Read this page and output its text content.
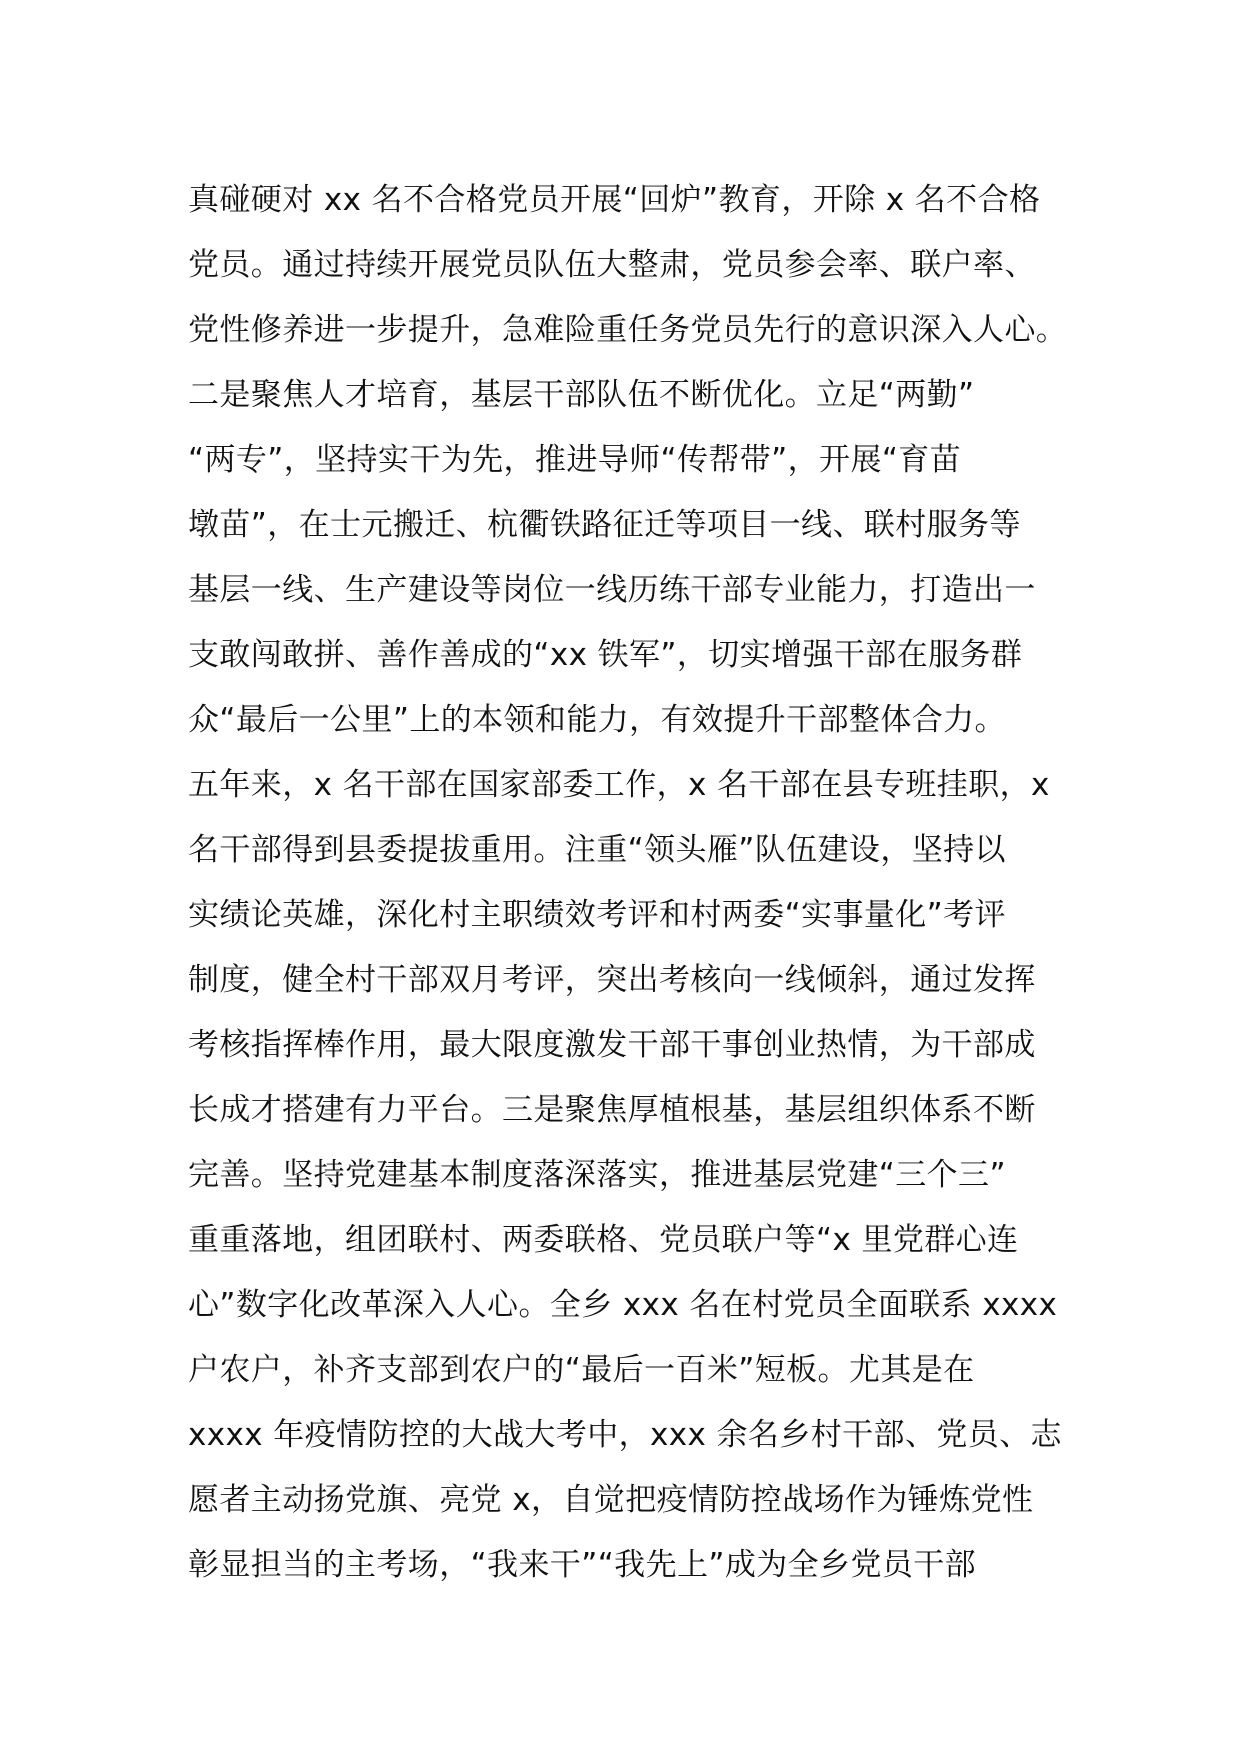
真碰硬对 xx 名不合格党员开展“回炉”教育，开除 x 名不合格
党员。通过持续开展党员队伍大整肃，党员参会率、联户率、
党性修养进一步提升，急难险重任务党员先行的意识深入人心。
二是聚焦人才培育，基层干部队伍不断优化。立足“两勤”
“两专”，坚持实干为先，推进导师“传帮带”，开展“育苗
墩苗”，在士元搬迁、杭衢铁路征迁等项目一线、联村服务等
基层一线、生产建设等岗位一线历练干部专业能力，打造出一
支敢闯敢拼、善作善成的“xx 铁军”，切实增强干部在服务群
众“最后一公里”上的本领和能力，有效提升干部整体合力。
五年来，x 名干部在国家部委工作，x 名干部在县专班挂职，x
名干部得到县委提拔重用。注重“领头雁”队伍建设，坚持以
实绩论英雄，深化村主职绩效考评和村两委“实事量化”考评
制度，健全村干部双月考评，突出考核向一线倾斜，通过发挥
考核指挥棒作用，最大限度激发干部干事创业热情，为干部成
长成才搭建有力平台。三是聚焦厚植根基，基层组织体系不断
完善。坚持党建基本制度落深落实，推进基层党建“三个三”
重重落地，组团联村、两委联格、党员联户等“x 里党群心连
心”数字化改革深入人心。全乡 xxx 名在村党员全面联系 xxxx
户农户，补齐支部到农户的“最后一百米”短板。尤其是在
xxxx 年疫情防控的大战大考中，xxx 余名乡村干部、党员、志
愿者主动扬党旗、亮党 x，自觉把疫情防控战场作为锤炼党性
彰显担当的主考场，“我来干”“我先上”成为全乡党员干部
